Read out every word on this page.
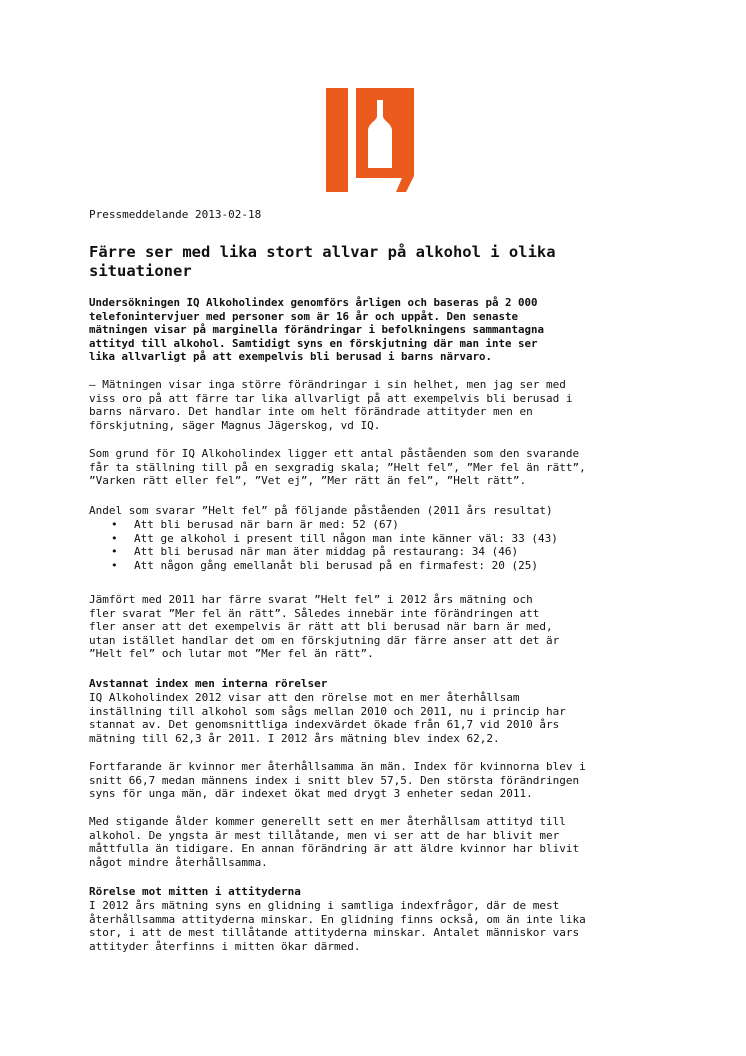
Pressmeddelande 2013-02-18
Färre ser med lika stort allvar på alkohol i olika
situationer

Undersökningen IQ Alkoholindex genomförs årligen och baseras på 2 000
telefonintervjuer med personer som är 16 år och uppåt. Den senaste
mätningen visar på marginella förändringar i befolkningens sammantagna
attityd till alkohol. Samtidigt syns en förskjutning där man inte ser
lika allvarligt på att exempelvis bli berusad i barns närvaro.

– Mätningen visar inga större förändringar i sin helhet, men jag ser med
viss oro på att färre tar lika allvarligt på att exempelvis bli berusad i
barns närvaro. Det handlar inte om helt förändrade attityder men en
förskjutning, säger Magnus Jägerskog, vd IQ.

Som grund för IQ Alkoholindex ligger ett antal påståenden som den svarande
får ta ställning till på en sexgradig skala; ”Helt fel”, ”Mer fel än rätt”,
”Varken rätt eller fel”, ”Vet ej”, ”Mer rätt än fel”, ”Helt rätt”.

Andel som svarar ”Helt fel” på följande påståenden (2011 års resultat)

• Att bli berusad när barn är med: 52 (67)
• Att ge alkohol i present till någon man inte känner väl: 33 (43)
• Att bli berusad när man äter middag på restaurang: 34 (46)
• Att någon gång emellanåt bli berusad på en firmafest: 20 (25)

Jämfört med 2011 har färre svarat ”Helt fel” i 2012 års mätning och
fler svarat ”Mer fel än rätt”. Således innebär inte förändringen att
fler anser att det exempelvis är rätt att bli berusad när barn är med,
utan istället handlar det om en förskjutning där färre anser att det är
”Helt fel” och lutar mot ”Mer fel än rätt”.

Avstannat index men interna rörelser

IQ Alkoholindex 2012 visar att den rörelse mot en mer återhållsam
inställning till alkohol som sågs mellan 2010 och 2011, nu i princip har
stannat av. Det genomsnittliga indexvärdet ökade från 61,7 vid 2010 års
mätning till 62,3 år 2011. I 2012 års mätning blev index 62,2.

Fortfarande är kvinnor mer återhållsamma än män. Index för kvinnorna blev i
snitt 66,7 medan männens index i snitt blev 57,5. Den största förändringen
syns för unga män, där indexet ökat med drygt 3 enheter sedan 2011.

Med stigande ålder kommer generellt sett en mer återhållsam attityd till
alkohol. De yngsta är mest tillåtande, men vi ser att de har blivit mer
måttfulla än tidigare. En annan förändring är att äldre kvinnor har blivit
något mindre återhållsamma.

Rörelse mot mitten i attityderna

I 2012 års mätning syns en glidning i samtliga indexfrågor, där de mest
återhållsamma attityderna minskar. En glidning finns också, om än inte lika
stor, i att de mest tillåtande attityderna minskar. Antalet människor vars
attityder återfinns i mitten ökar därmed.
